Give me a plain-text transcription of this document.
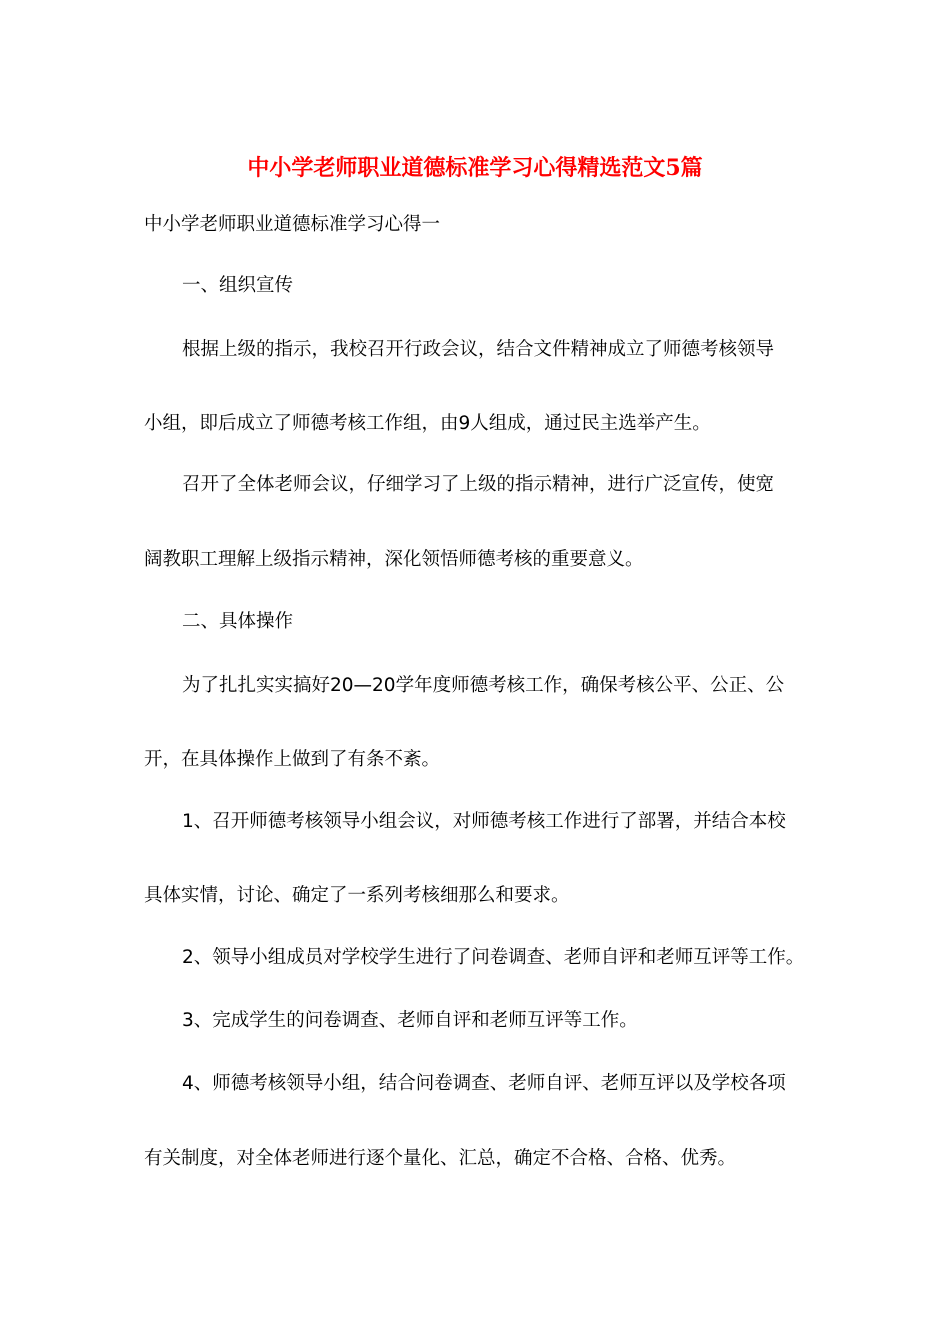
中小学老师职业道德标准学习心得精选范文5篇
中小学老师职业道德标准学习心得一
一、组织宣传
根据上级的指示，我校召开行政会议，结合文件精神成立了师德考核领导
小组，即后成立了师德考核工作组，由9人组成，通过民主选举产生。
召开了全体老师会议，仔细学习了上级的指示精神，进行广泛宣传，使宽
阔教职工理解上级指示精神，深化领悟师德考核的重要意义。
二、具体操作
为了扎扎实实搞好20—20学年度师德考核工作，确保考核公平、公正、公
开，在具体操作上做到了有条不紊。
1、召开师德考核领导小组会议，对师德考核工作进行了部署，并结合本校
具体实情，讨论、确定了一系列考核细那么和要求。
2、领导小组成员对学校学生进行了问卷调查、老师自评和老师互评等工作。
3、完成学生的问卷调查、老师自评和老师互评等工作。
4、师德考核领导小组，结合问卷调查、老师自评、老师互评以及学校各项
有关制度，对全体老师进行逐个量化、汇总，确定不合格、合格、优秀。
